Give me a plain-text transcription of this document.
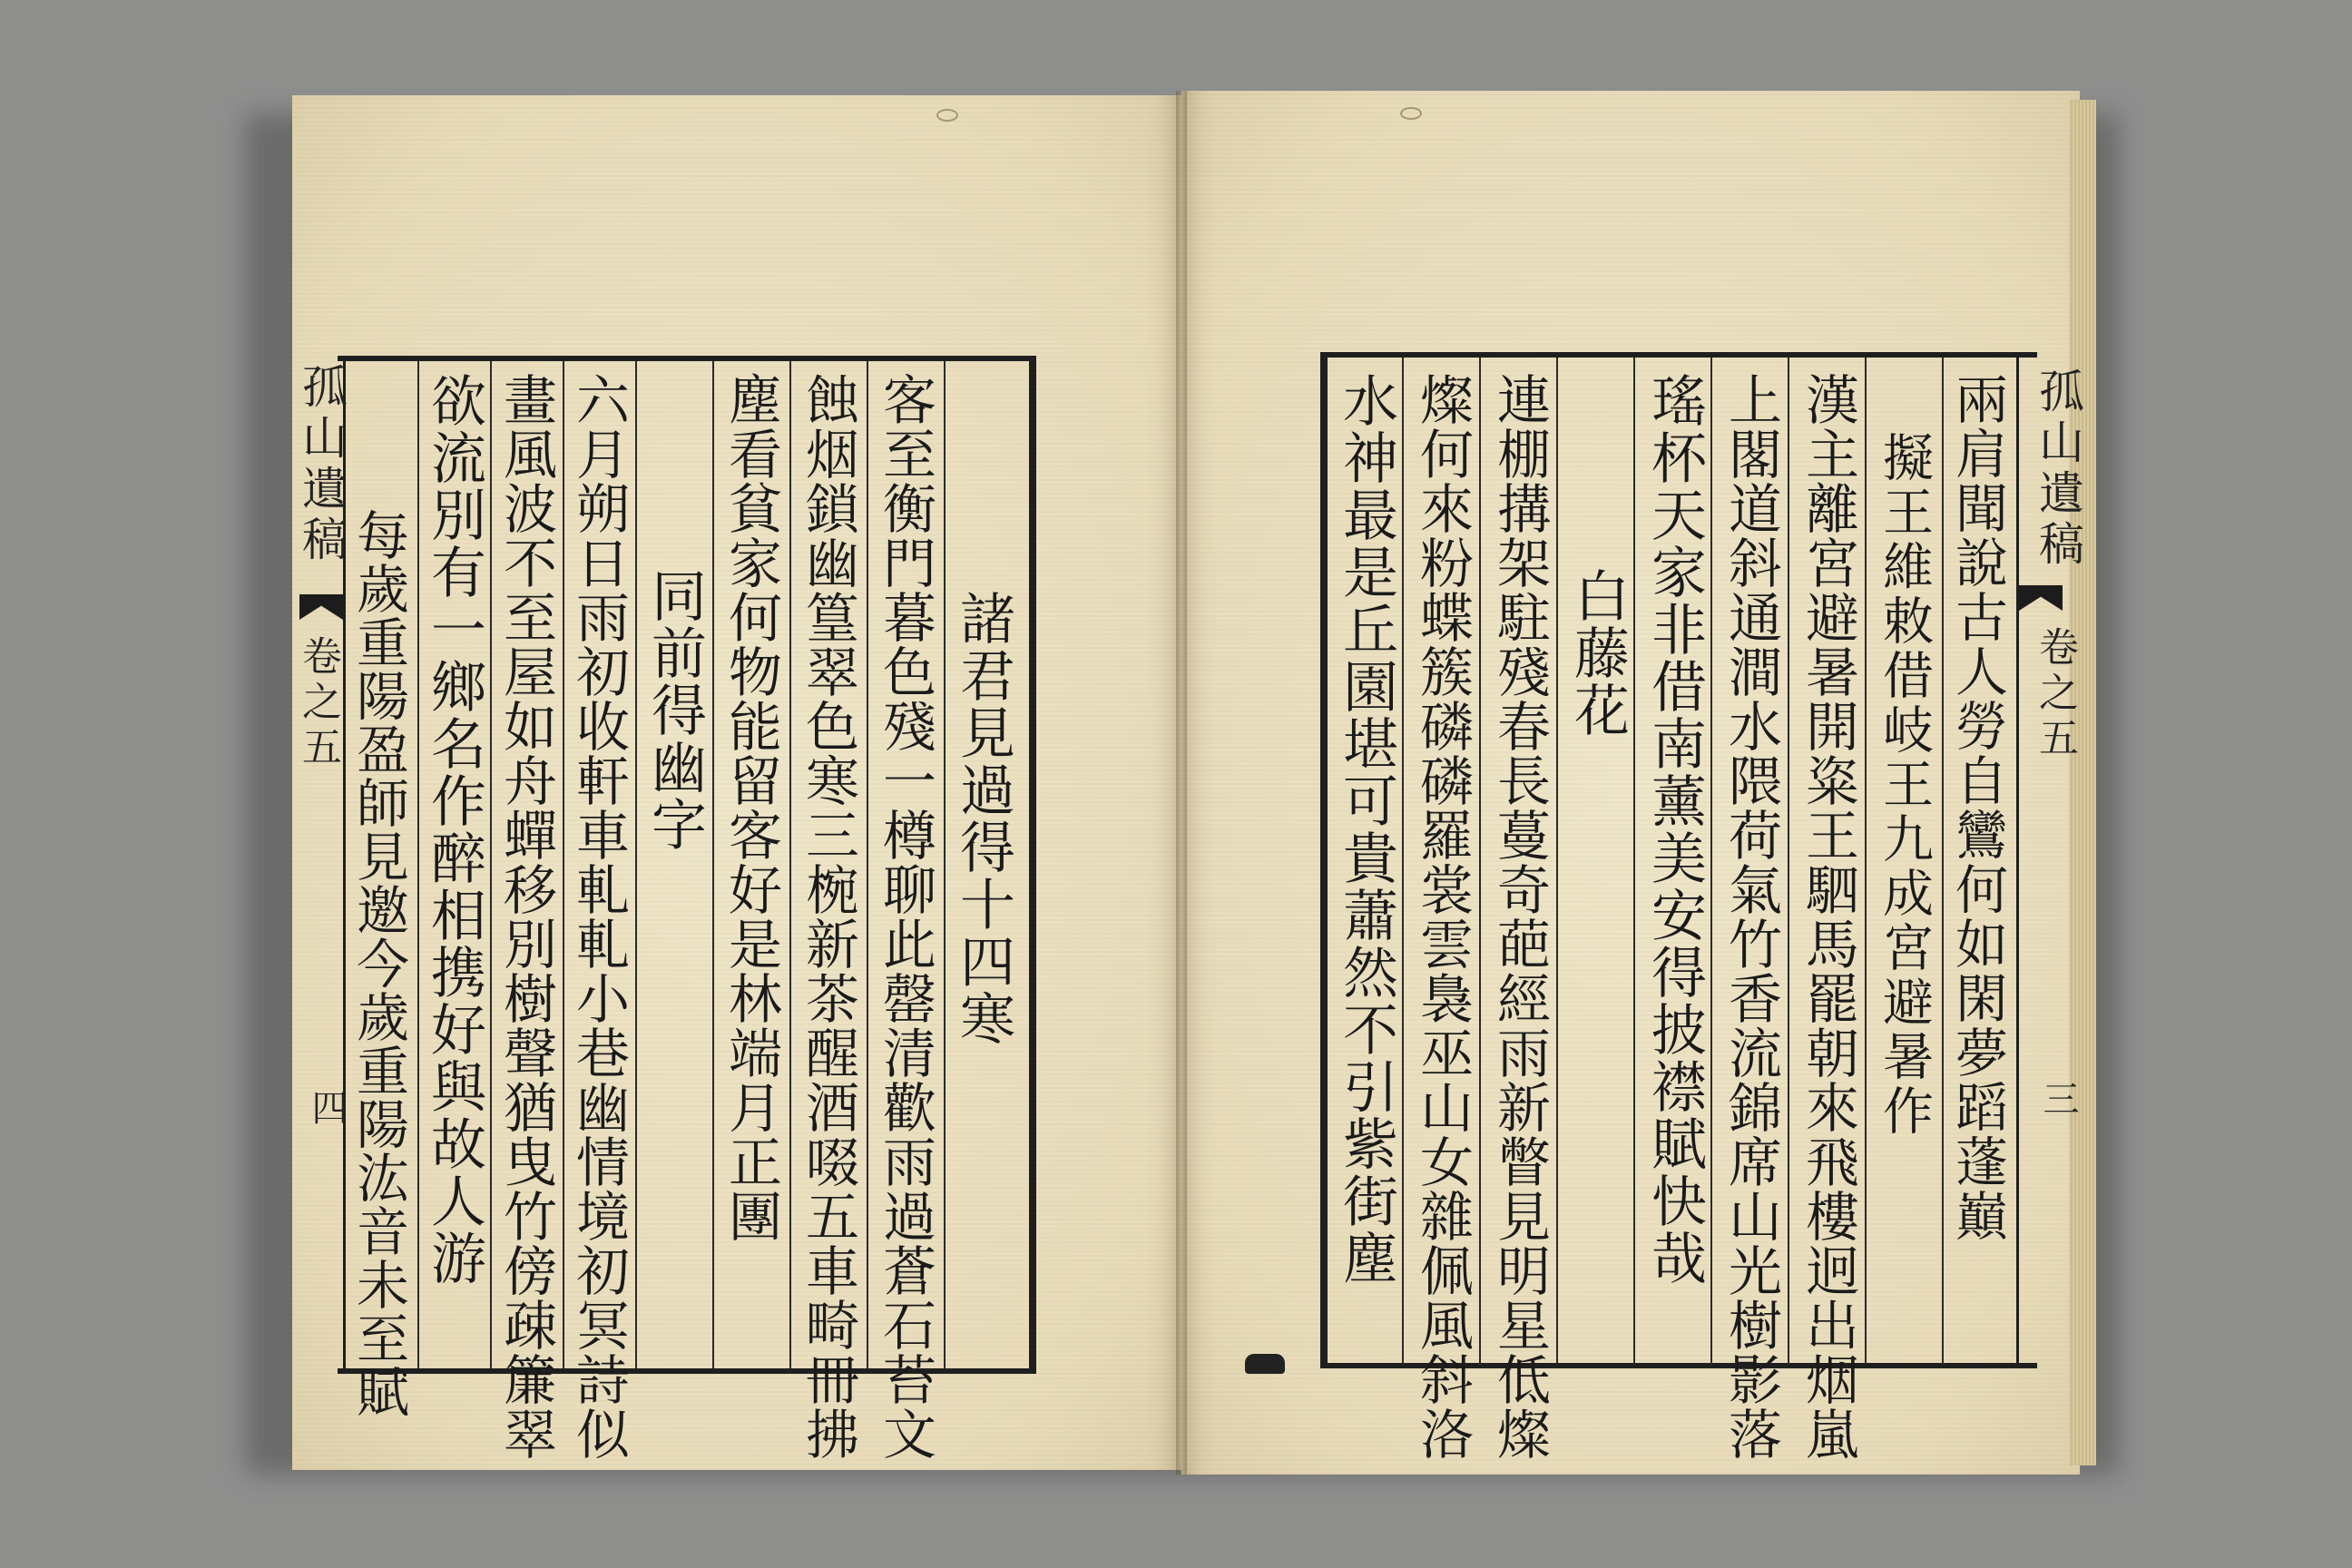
孤山遺稿
卷之五
四
諸君見過得十四寒
客至衡門暮色殘一樽聊此罄清歡雨過蒼石苔文
蝕烟鎖幽篁翠色寒三椀新茶醒酒啜五車畸冊拂
塵看貧家何物能留客好是林端月正團
同前得幽字
六月朔日雨初收軒車軋軋小巷幽情境初冥詩似
畫風波不至屋如舟蟬移別樹聲猶曳竹傍疎簾翠
欲流別有一鄉名作醉相携好與故人游
每歲重陽盈師見邀今歲重陽汯音未至賦	兩肩聞說古人勞自鸞何如閑夢蹈蓬巔
擬王維敕借岐王九成宮避暑作
漢主離宮避暑開粢王駟馬罷朝來飛樓迥出烟嵐
上閣道斜通澗水隈荷氣竹香流錦席山光樹影落
瑤杯天家非借南薰美安得披襟賦快哉
白藤花
連棚搆架駐殘春長蔓奇葩經雨新瞥見明星低燦
燦何來粉蝶簇磷磷羅裳雲裊巫山女雜佩風斜洛
水神最是丘園堪可貴蕭然不引紫街塵	孤山遺稿
卷之五
三
